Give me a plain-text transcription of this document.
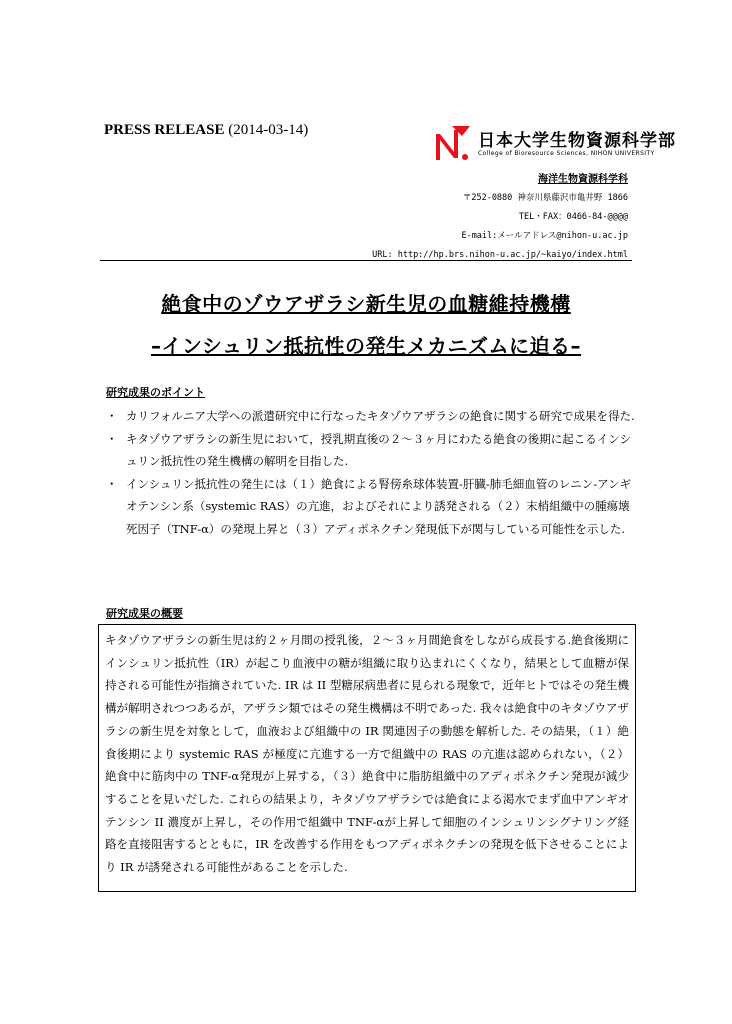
PRESS RELEASE (2014-03-14)
日本大学生物資源科学部
College of Bioresource Sciences, NIHON UNIVERSITY
海洋生物資源科学科
〒252-0880 神奈川県藤沢市亀井野 1866
TEL・FAX：0466-84-@@@@
E-mail:メールアドレス@nihon-u.ac.jp
URL: http://hp.brs.nihon-u.ac.jp/~kaiyo/index.html
絶食中のゾウアザラシ新生児の血糖維持機構
–インシュリン抵抗性の発生メカニズムに迫る–
研究成果のポイント
・ カリフォルニア大学への派遣研究中に行なったキタゾウアザラシの絶食に関する研究で成果を得た.
・ キタゾウアザラシの新生児において，授乳期直後の２～３ヶ月にわたる絶食の後期に起こるインシュリン抵抗性の発生機構の解明を目指した.
・ インシュリン抵抗性の発生には（１）絶食による腎傍糸球体装置-肝臓-肺毛細血管のレニン-アンギオテンシン系（systemic RAS）の亢進，およびそれにより誘発される（２）末梢組織中の腫瘍壊死因子（TNF-α）の発現上昇と（３）アディポネクチン発現低下が関与している可能性を示した.
研究成果の概要
キタゾウアザラシの新生児は約２ヶ月間の授乳後，２～３ヶ月間絶食をしながら成長する.絶食後期にインシュリン抵抗性（IR）が起こり血液中の糖が組織に取り込まれにくくなり，結果として血糖が保持される可能性が指摘されていた. IR は II 型糖尿病患者に見られる現象で，近年ヒトではその発生機構が解明されつつあるが，アザラシ類ではその発生機構は不明であった. 我々は絶食中のキタゾウアザラシの新生児を対象として，血液および組織中の IR 関連因子の動態を解析した. その結果，（１）絶食後期により systemic RAS が極度に亢進する一方で組織中の RAS の亢進は認められない，（２）絶食中に筋肉中の TNF-α発現が上昇する，（３）絶食中に脂肪組織中のアディポネクチン発現が減少することを見いだした. これらの結果より，キタゾウアザラシでは絶食による渇水でまず血中アンギオテンシン II 濃度が上昇し，その作用で組織中 TNF-αが上昇して細胞のインシュリンシグナリング経路を直接阻害するとともに，IR を改善する作用をもつアディポネクチンの発現を低下させることにより IR が誘発される可能性があることを示した.
